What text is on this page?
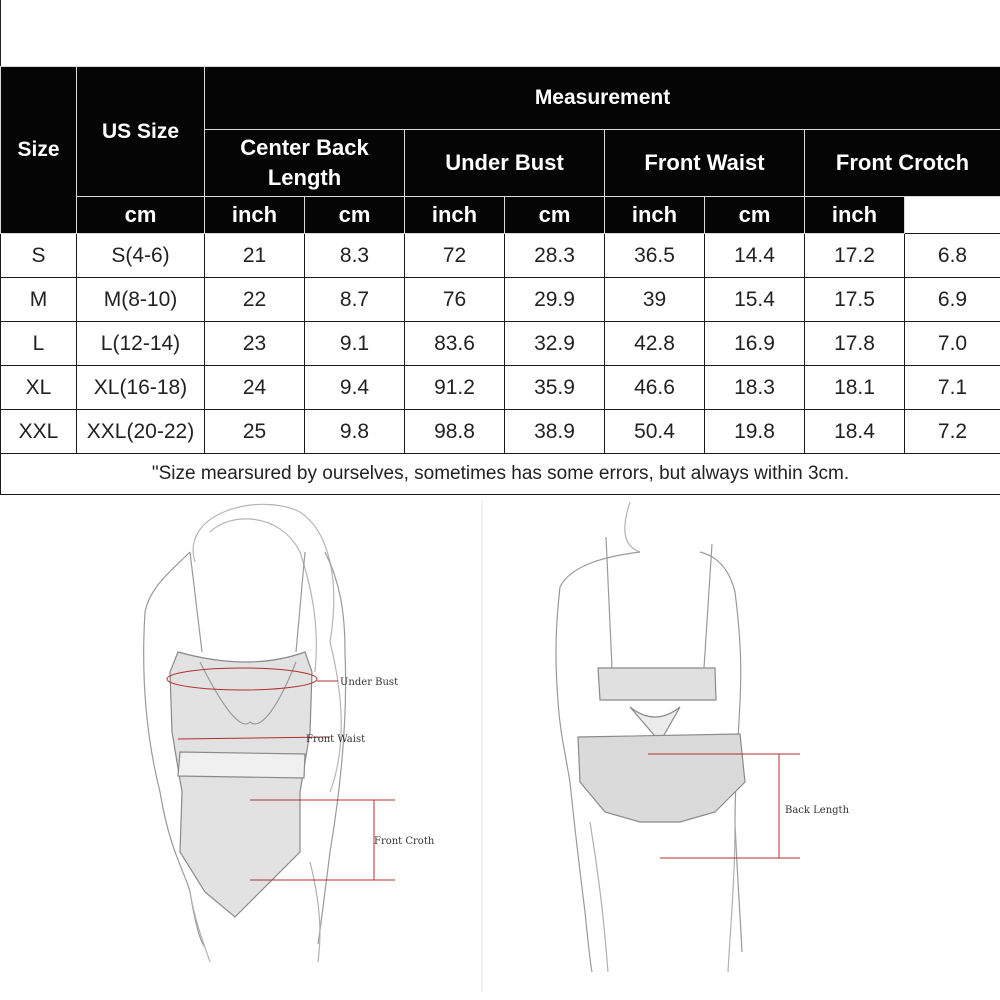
Size	US Size	Measurement							
		Center Back
Length		Under Bust		Front Waist		Front Crotch	
	cm	inch	cm	inch	cm	inch	cm	inch	
S	S(4-6)	21	8.3	72	28.3	36.5	14.4	17.2	6.8
M	M(8-10)	22	8.7	76	29.9	39	15.4	17.5	6.9
L	L(12-14)	23	9.1	83.6	32.9	42.8	16.9	17.8	7.0
XL	XL(16-18)	24	9.4	91.2	35.9	46.6	18.3	18.1	7.1
XXL	XXL(20-22)	25	9.8	98.8	38.9	50.4	19.8	18.4	7.2
"Size mearsured by ourselves, sometimes has some errors, but always within 3cm.									
Under Bust
Front Waist
Front Croth
Back Length
